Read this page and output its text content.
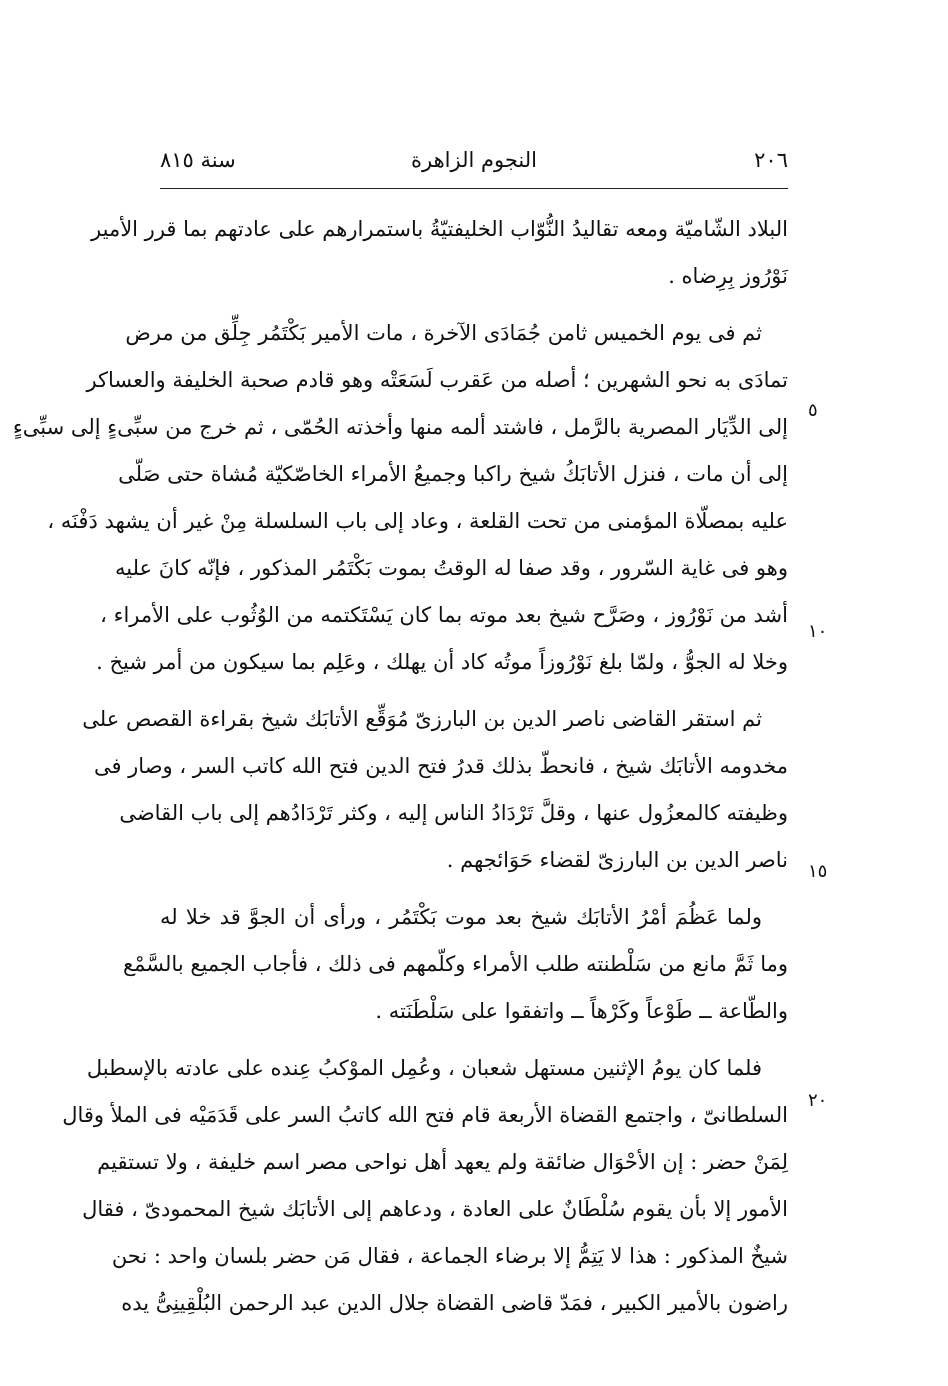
٢٠٦
النجوم الزاهرة
سنة ٨١٥
٥
١٠
١٥
٢٠
البلاد الشّاميّة ومعه تقاليدُ النُّوّاب الخليفتيّةُ باستمرارهم على عادتهم بما قرر الأمير
نَوْرُوز بِرِضاه .
ثم فى يوم الخميس ثامن جُمَادَى الآخرة ، مات الأمير بَكْتَمُر جِلِّق من مرض
تمادَى به نحو الشهرين ؛ أصله من عَقرب لَسَعَتْه وهو قادم صحبة الخليفة والعساكر
إلى الدِّيَار المصرية بالرَّمل ، فاشتد ألمه منها وأخذته الحُمّى ، ثم خرج من سبِّىءٍ إلى سبِّىءٍ
إلى أن مات ، فنزل الأتابَكُ شيخ راكبا وجميعُ الأمراء الخاصّكيّة مُشاة حتى صَلّى
عليه بمصلّاة المؤمنى من تحت القلعة ، وعاد إلى باب السلسلة مِنْ غير أن يشهد دَفْنَه ،
وهو فى غاية السّرور ، وقد صفا له الوقتُ بموت بَكْتَمُر المذكور ، فإنّه كانَ عليه
أشد من نَوْرُوز ، وصَرَّح شيخ بعد موته بما كان يَسْتَكتمه من الوُثُوب على الأمراء ،
وخلا له الجوُّ ، ولمّا بلغ نَوْرُوزاً موتُه كاد أن يهلك ، وعَلِم بما سيكون من أمر شيخ .
ثم استقر القاضى ناصر الدين بن البارزىّ مُوَقِّع الأتابَك شيخ بقراءة القصص على
مخدومه الأتابَك شيخ ، فانحطّ بذلك قدرُ فتح الدين فتح الله كاتب السر ، وصار فى
وظيفته كالمعزُول عنها ، وقلَّ تَرْدَادُ الناس إليه ، وكثر تَرْدَادُهم إلى باب القاضى
ناصر الدين بن البارزىّ لقضاء حَوَائجهم .
ولما عَظُمَ أمْرُ الأتابَك شيخ بعد موت بَكْتَمُر ، ورأى أن الجوَّ قد خلا له
وما ثَمَّ مانع من سَلْطنته طلب الأمراء وكلّمهم فى ذلك ، فأجاب الجميع بالسَّمْع
والطّاعة ــ طَوْعاً وكَرْهاً ــ واتفقوا على سَلْطَنَته .
فلما كان يومُ الإثنين مستهل شعبان ، وعُمِل الموْكبُ عِنده على عادته بالإسطبل
السلطانىّ ، واجتمع القضاة الأربعة قام فتح الله كاتبُ السر على قَدَمَيْه فى الملأ وقال
لِمَنْ حضر : إن الأحْوَال ضائقة ولم يعهد أهل نواحى مصر اسم خليفة ، ولا تستقيم
الأمور إلا بأن يقوم سُلْطَانٌ على العادة ، ودعاهم إلى الأتابَك شيخ المحمودىّ ، فقال
شيخٌ المذكور : هذا لا يَتِمُّ إلا برضاء الجماعة ، فقال مَن حضر بلسان واحد : نحن
راضون بالأمير الكبير ، فمَدّ قاضى القضاة جلال الدين عبد الرحمن البُلْقِينِىُّ يده
